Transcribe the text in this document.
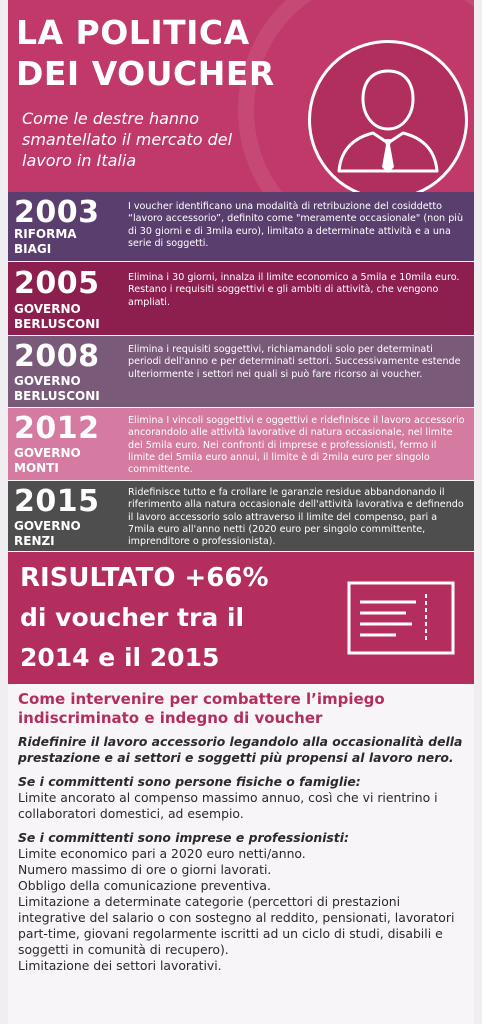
LA POLITICA
DEI VOUCHER
Come le destre hanno smantellato il mercato del lavoro in Italia
2003
RIFORMA
BIAGI
I voucher identificano una modalità di retribuzione del cosiddetto “lavoro accessorio”, definito come "meramente occasionale" (non più di 30 giorni e di 3mila euro), limitato a determinate attività e a una serie di soggetti.
2005
GOVERNO
BERLUSCONI
Elimina i 30 giorni, innalza il limite economico a 5mila e 10mila euro. Restano i requisiti soggettivi e gli ambiti di attività, che vengono ampliati.
2008
GOVERNO
BERLUSCONI
Elimina i requisiti soggettivi, richiamandoli solo per determinati periodi dell'anno e per determinati settori. Successivamente estende ulteriormente i settori nei quali si può fare ricorso ai voucher.
2012
GOVERNO
MONTI
Elimina I vincoli soggettivi e oggettivi e ridefinisce il lavoro accessorio ancorandolo alle attività lavorative di natura occasionale, nel limite dei 5mila euro. Nei confronti di imprese e professionisti, fermo il limite dei 5mila euro annui, il limite è di 2mila euro per singolo committente.
2015
GOVERNO
RENZI
Ridefinisce tutto e fa crollare le garanzie residue abbandonando il riferimento alla natura occasionale dell'attività lavorativa e definendo il lavoro accessorio solo attraverso il limite del compenso, pari a 7mila euro all'anno netti (2020 euro per singolo committente, imprenditore o professionista).
RISULTATO +66%
di voucher tra il
2014 e il 2015
Come intervenire per combattere l’impiego
indiscriminato e indegno di voucher
Ridefinire il lavoro accessorio legandolo alla occasionalità della prestazione e ai settori e soggetti più propensi al lavoro nero.
Se i committenti sono persone fisiche o famiglie:
Limite ancorato al compenso massimo annuo, così che vi rientrino i collaboratori domestici, ad esempio.
Se i committenti sono imprese e professionisti:
Limite economico pari a 2020 euro netti/anno.
Numero massimo di ore o giorni lavorati.
Obbligo della comunicazione preventiva.
Limitazione a determinate categorie (percettori di prestazioni integrative del salario o con sostegno al reddito, pensionati, lavoratori part-time, giovani regolarmente iscritti ad un ciclo di studi, disabili e soggetti in comunità di recupero).
Limitazione dei settori lavorativi.
